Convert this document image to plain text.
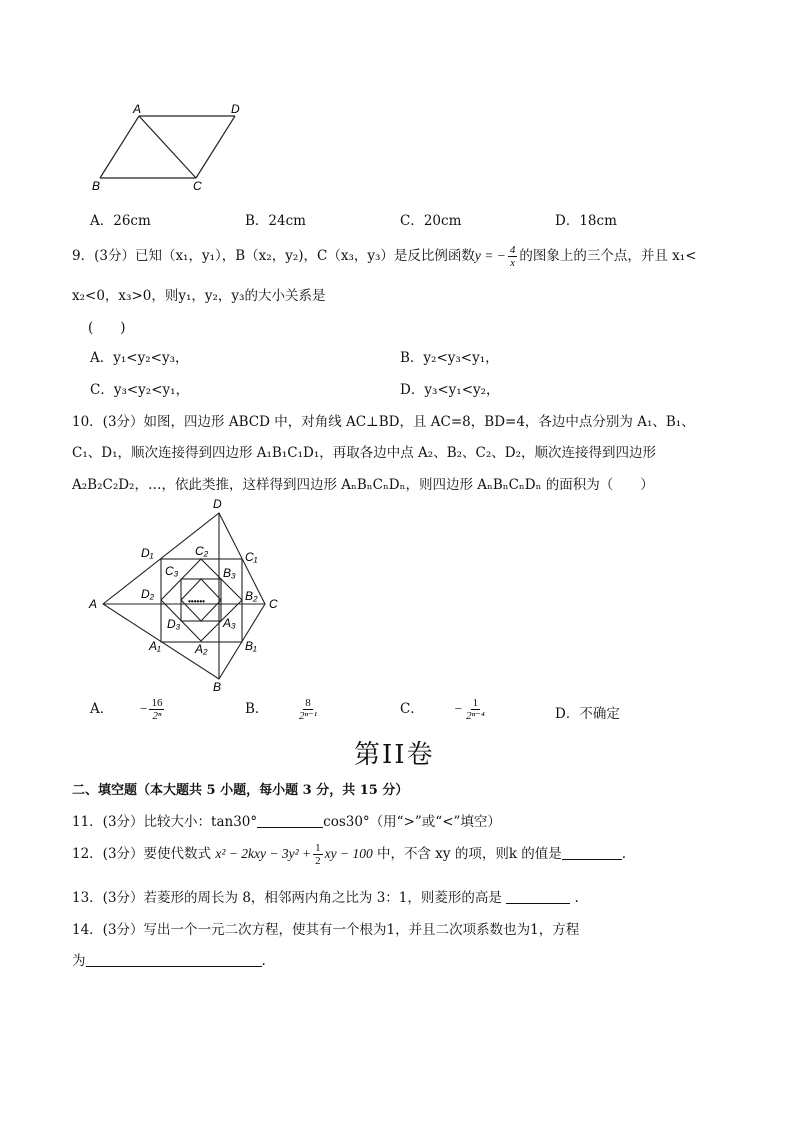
A	D
B	C
A．26cm	B．24cm	C．20cm	D．18cm
9．(3分）已知（x₁，y₁），B（x₂，y₂)，C（x₃，y₃）是反比例函数y = − $\frac{4}{x}$ 的图象上的三个点，并且 x₁<
x₂<0，x₃>0，则y₁，y₂，y₃的大小关系是
(　　)
A．y₁<y₂<y₃，	B．y₂<y₃<y₁，
C．y₃<y₂<y₁，	D．y₃<y₁<y₂，
10．(3分）如图，四边形 ABCD 中，对角线 AC⊥BD，且 AC=8，BD=4，各边中点分别为 A₁、B₁、
C₁、D₁，顺次连接得到四边形 A₁B₁C₁D₁，再取各边中点 A₂、B₂、C₂、D₂，顺次连接得到四边形
A₂B₂C₂D₂，…，依此类推，这样得到四边形 AₙBₙCₙDₙ，则四边形 AₙBₙCₙDₙ 的面积为（　　）
D
D₁	C₂	C₁
C₃	B₃
D₂	B₂
C
A
D₃	A₃
A₁	A₂	B₁
B
••••••
A． − $\frac{16}{\text{2ⁿ}}$	B．	$\frac{8}{\text{2ⁿ⁻¹}}$	C． − $\frac{1}{\text{2ⁿ⁻⁴}}$	D．不确定
第II卷
二、填空题（本大题共 5 小题，每小题 3 分，共 15 分）
11．(3分）比较大小：tan30°	cos30°（用“>”或“<”填空）
12．(3分）要使代数式 $x^2 - 2kxy - 3y^2 + \frac{1}{2}$ xy − 100 中，不含 xy 的项，则k 的值是	.
13．(3分）若菱形的周长为 8，相邻两内角之比为 3：1，则菱形的高是	.
14．(3分）写出一个一元二次方程，使其有一个根为1，并且二次项系数也为1，方程
为	.
